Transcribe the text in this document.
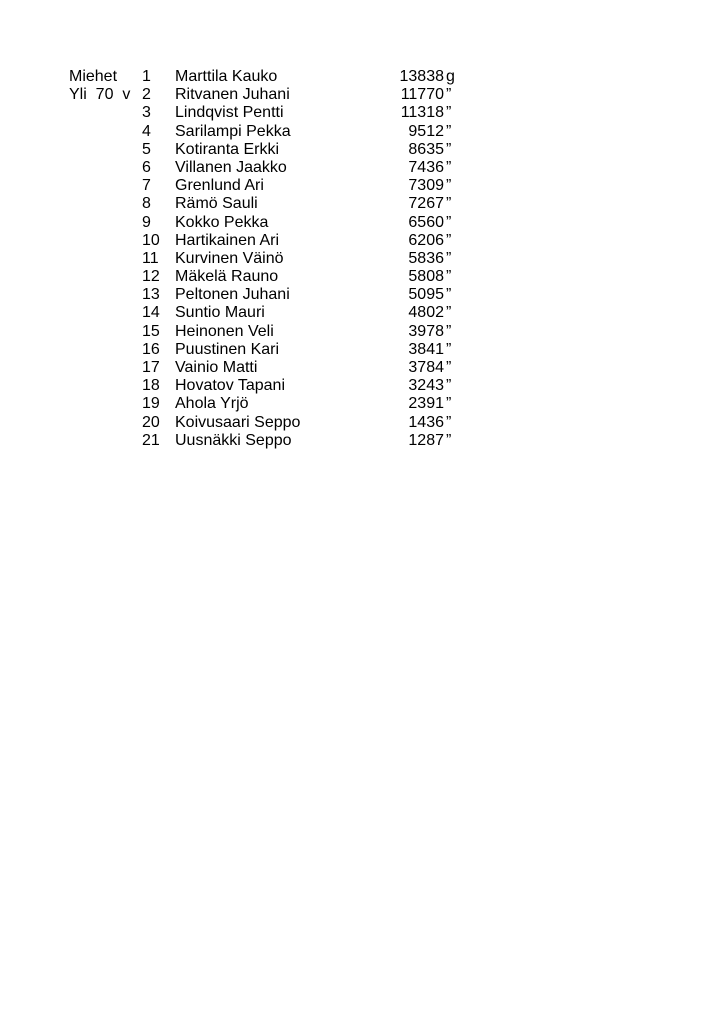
Miehet 1 Marttila Kauko	13838 g
Yli  70  v 2 Ritvanen Juhani	11770 ”
3 Lindqvist Pentti	11318 ”
4 Sarilampi Pekka	9512 ”
5 Kotiranta Erkki	8635 ”
6 Villanen Jaakko	7436 ”
7 Grenlund Ari	7309 ”
8 Rämö Sauli	7267 ”
9 Kokko Pekka	6560 ”
10 Hartikainen Ari	6206 ”
11 Kurvinen Väinö	5836 ”
12 Mäkelä Rauno	5808 ”
13 Peltonen Juhani	5095 ”
14 Suntio Mauri	4802 ”
15 Heinonen Veli	3978 ”
16 Puustinen Kari	3841 ”
17 Vainio Matti	3784 ”
18 Hovatov Tapani	3243 ”
19 Ahola Yrjö	2391 ”
20 Koivusaari Seppo	1436 ”
21 Uusnäkki Seppo	1287 ”
